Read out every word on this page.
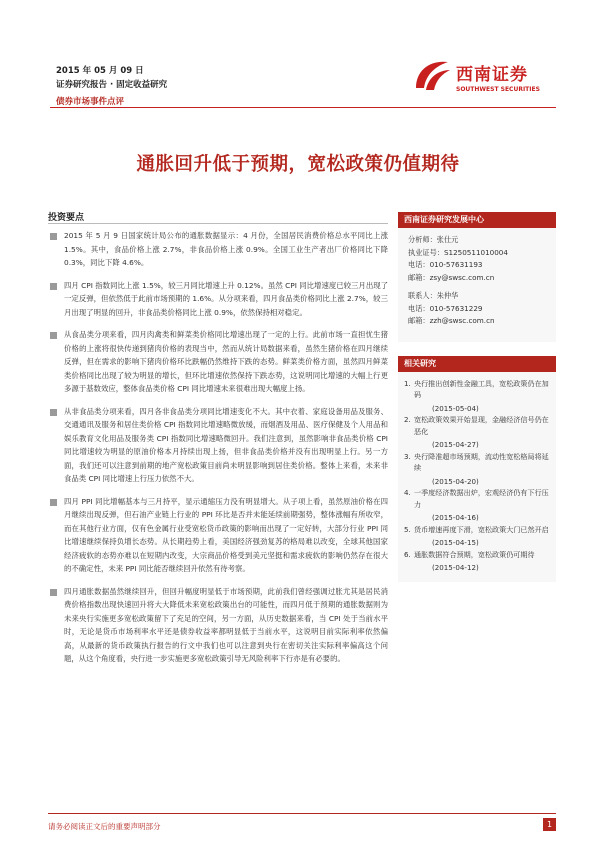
2015 年 05 月 09 日
证券研究报告 · 固定收益研究
债券市场事件点评
西南证券
SOUTHWEST SECURITIES
通胀回升低于预期，宽松政策仍值期待
投资要点
2015 年 5 月 9 日国家统计局公布的通胀数据显示：4 月份，全国居民消费价格总水平同比上涨 1.5%。其中，食品价格上涨 2.7%，非食品价格上涨 0.9%。全国工业生产者出厂价格同比下降 0.3%，同比下降 4.6%。
四月 CPI 指数同比上涨 1.5%，较三月同比增速上升 0.12%。虽然 CPI 同比增速度已较三月出现了一定反弹，但依然低于此前市场预期的 1.6%。从分项来看，四月食品类价格同比上涨 2.7%，较三月出现了明显的回升，非食品类价格同比上涨 0.9%，依然保持相对稳定。
从食品类分项来看，四月肉禽类和鲜菜类价格同比增速出现了一定的上行。此前市场一直担忧生猪价格的上涨将很快传递到猪肉价格的表现当中，然而从统计局数据来看，虽然生猪价格在四月继续反弹，但在需求的影响下猪肉价格环比跌幅仍然维持下跌的态势。鲜菜类价格方面，虽然四月鲜菜类价格同比出现了较为明显的增长，但环比增速依然保持下跌态势，这说明同比增速的大幅上行更多源于基数效应，整体食品类价格 CPI 同比增速未来很难出现大幅度上扬。
从非食品类分项来看，四月各非食品类分项同比增速变化不大。其中衣着、家庭设备用品及服务、交通通讯及服务和居住类价格 CPI 指数同比增速略微放缓，而烟酒及用品、医疗保健及个人用品和娱乐教育文化用品及服务类 CPI 指数同比增速略微回升。我们注意到，虽然影响非食品类价格 CPI 同比增速较为明显的原油价格本月持续出现上扬，但非食品类价格并没有出现明显上行。另一方面，我们还可以注意到前期的地产宽松政策目前尚未明显影响到居住类价格。整体上来看，未来非食品类 CPI 同比增速上行压力依然不大。
四月 PPI 同比增幅基本与三月持平，显示通缩压力没有明显增大。从子项上看，虽然原油价格在四月继续出现反弹，但石油产业链上行业的 PPI 环比是否并未能延续前期强势，整体涨幅有所收窄，而在其他行业方面，仅有色金属行业受宽松货币政策的影响而出现了一定好转，大部分行业 PPI 同比增速继续保持负增长态势。从长期趋势上看，美国经济强劲复苏的格局难以改变，全球其他国家经济疲软的态势亦难以在短期内改变，大宗商品价格受到美元坚挺和需求疲软的影响仍然存在很大的不确定性，未来 PPI 同比能否继续回升依然有待考察。
四月通胀数据虽然继续回升，但回升幅度明显低于市场预期，此前我们曾经强调过胀尤其是居民消费价格指数出现快速回升将大大降低未来宽松政策出台的可能性，而四月低于预期的通胀数据则为未来央行实施更多宽松政策留下了充足的空间，另一方面，从历史数据来看，当 CPI 处于当前水平时，无论是货币市场利率水平还是债券收益率都明显低于当前水平，这说明目前实际利率依然偏高，从最新的货币政策执行报告的行文中我们也可以注意到央行在密切关注实际利率偏高这个问题，从这个角度看，央行进一步实施更多宽松政策引导无风险利率下行亦是有必要的。
西南证券研究发展中心
分析师：张仕元
执业证号：S1250511010004
电话：010-57631193
邮箱：zsy@swsc.com.cn
联系人：朱仲华
电话：010-57631229
邮箱：zzh@swsc.com.cn
相关研究
1. 央行推出创新性金融工具，宽松政策仍在加码
(2015-05-04)
2. 宽松政策效果开始显现，金融经济信号仍在恶化
(2015-04-27)
3. 央行降准超市场预期，流动性宽松格局将延续
(2015-04-20)
4. 一季度经济数据出炉，宏观经济仍有下行压力
(2015-04-16)
5. 货币增速再度下滑，宽松政策大门已然开启
(2015-04-15)
6. 通胀数据符合预期，宽松政策仍可期待
(2015-04-12)
请务必阅读正文后的重要声明部分	1
